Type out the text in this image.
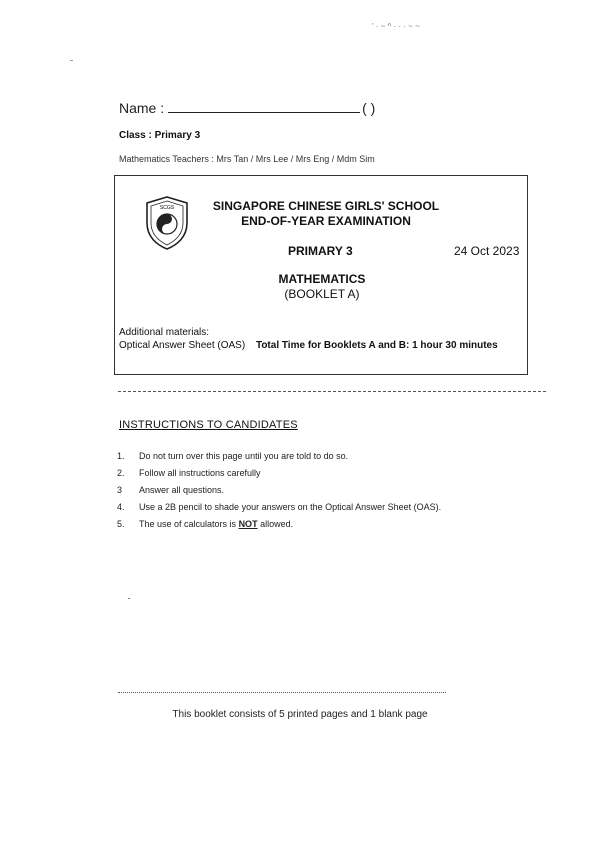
' · ~ ^ · · · ~ ~
Name :	( )
Class : Primary 3
Mathematics Teachers : Mrs Tan / Mrs Lee / Mrs Eng / Mdm Sim
SCGS	SINGAPORE CHINESE GIRLS' SCHOOL
END-OF-YEAR EXAMINATION
PRIMARY 3	24 Oct 2023
MATHEMATICS
(BOOKLET A)
Additional materials:
Optical Answer Sheet (OAS) Total Time for Booklets A and B: 1 hour 30 minutes
INSTRUCTIONS TO CANDIDATES
1.	Do not turn over this page until you are told to do so.
2.	Follow all instructions carefully
3	Answer all questions.
4.	Use a 2B pencil to shade your answers on the Optical Answer Sheet (OAS).
5.	The use of calculators is NOT allowed.
This booklet consists of 5 printed pages and 1 blank page
